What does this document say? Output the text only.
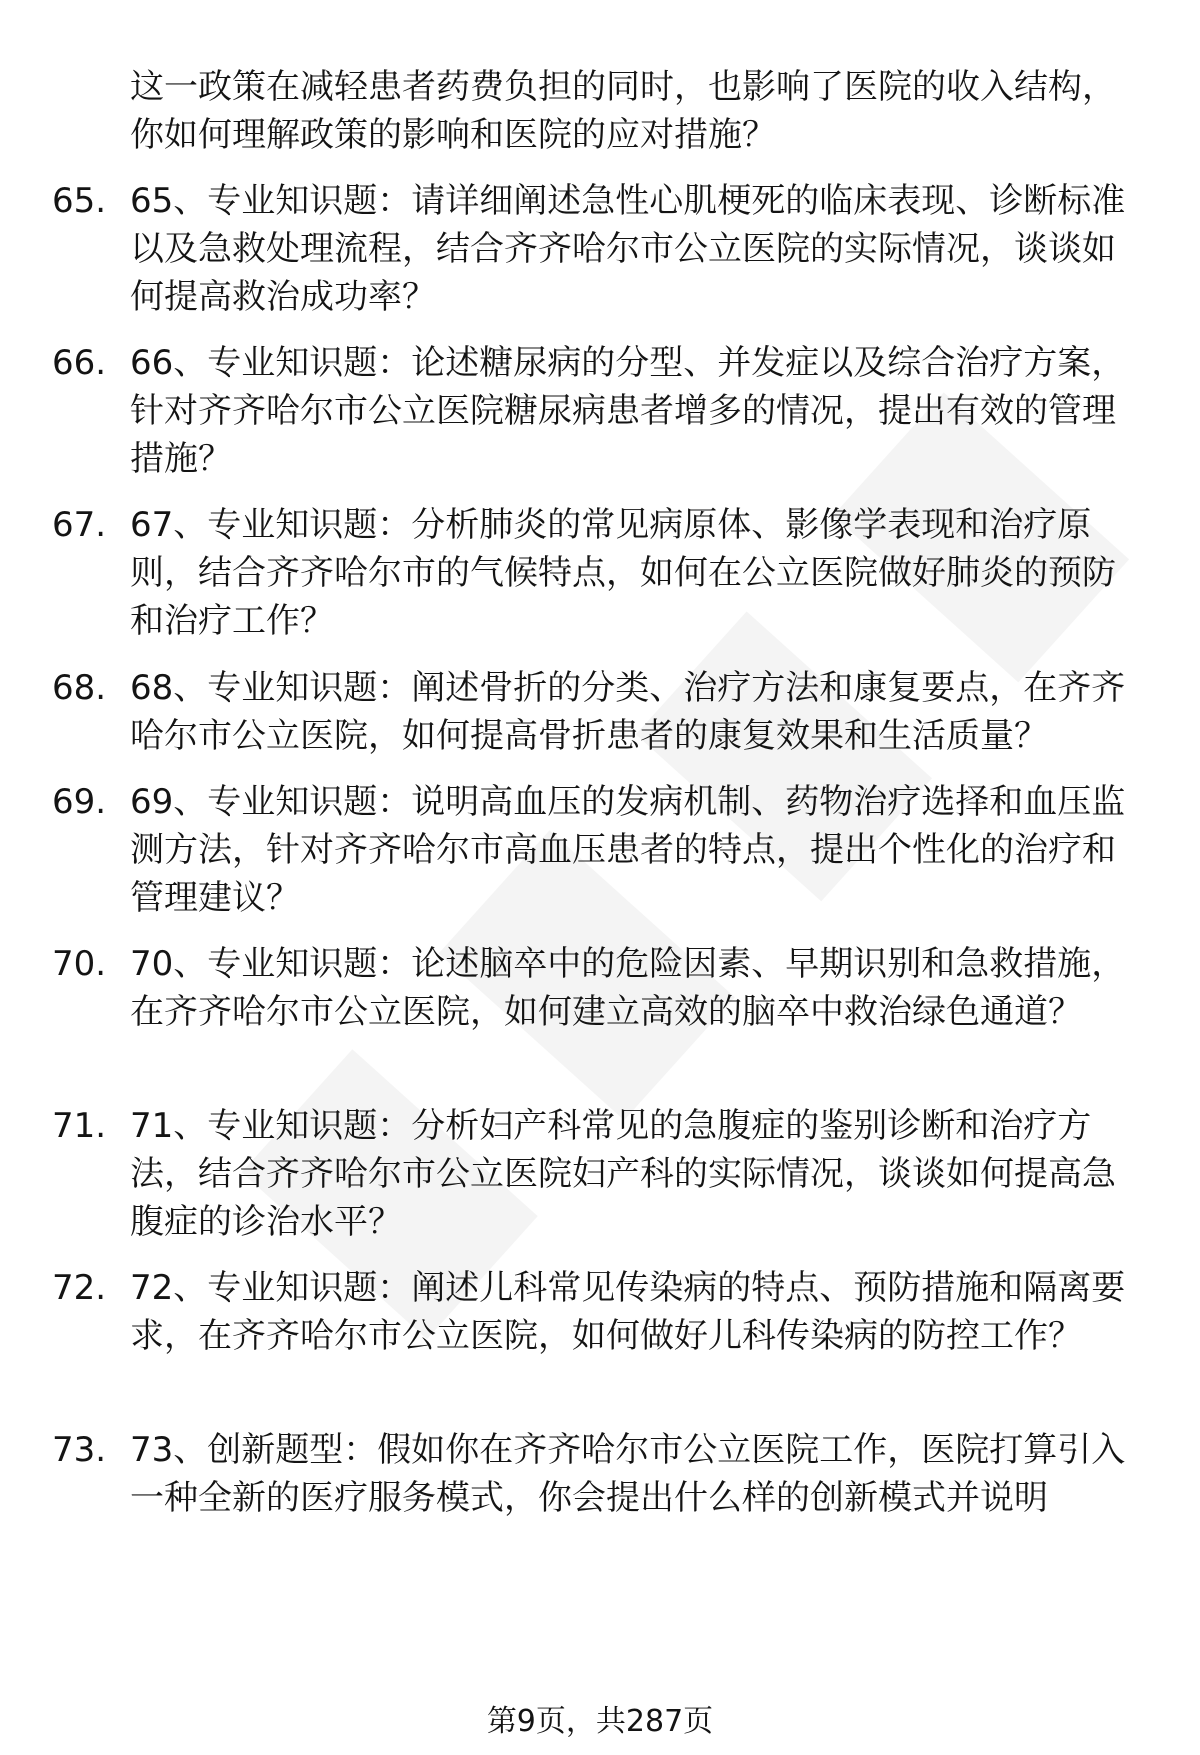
这一政策在减轻患者药费负担的同时，也影响了医院的收入结构，你如何理解政策的影响和医院的应对措施？

65. 65、专业知识题：请详细阐述急性心肌梗死的临床表现、诊断标准以及急救处理流程，结合齐齐哈尔市公立医院的实际情况，谈谈如何提高救治成功率？

66. 66、专业知识题：论述糖尿病的分型、并发症以及综合治疗方案，针对齐齐哈尔市公立医院糖尿病患者增多的情况，提出有效的管理措施？

67. 67、专业知识题：分析肺炎的常见病原体、影像学表现和治疗原则，结合齐齐哈尔市的气候特点，如何在公立医院做好肺炎的预防和治疗工作？

68. 68、专业知识题：阐述骨折的分类、治疗方法和康复要点，在齐齐哈尔市公立医院，如何提高骨折患者的康复效果和生活质量？

69. 69、专业知识题：说明高血压的发病机制、药物治疗选择和血压监测方法，针对齐齐哈尔市高血压患者的特点，提出个性化的治疗和管理建议？

70. 70、专业知识题：论述脑卒中的危险因素、早期识别和急救措施，在齐齐哈尔市公立医院，如何建立高效的脑卒中救治绿色通道？

71. 71、专业知识题：分析妇产科常见的急腹症的鉴别诊断和治疗方法，结合齐齐哈尔市公立医院妇产科的实际情况，谈谈如何提高急腹症的诊治水平？

72. 72、专业知识题：阐述儿科常见传染病的特点、预防措施和隔离要求，在齐齐哈尔市公立医院，如何做好儿科传染病的防控工作？

73. 73、创新题型：假如你在齐齐哈尔市公立医院工作，医院打算引入一种全新的医疗服务模式，你会提出什么样的创新模式并说明

第9页，共287页
